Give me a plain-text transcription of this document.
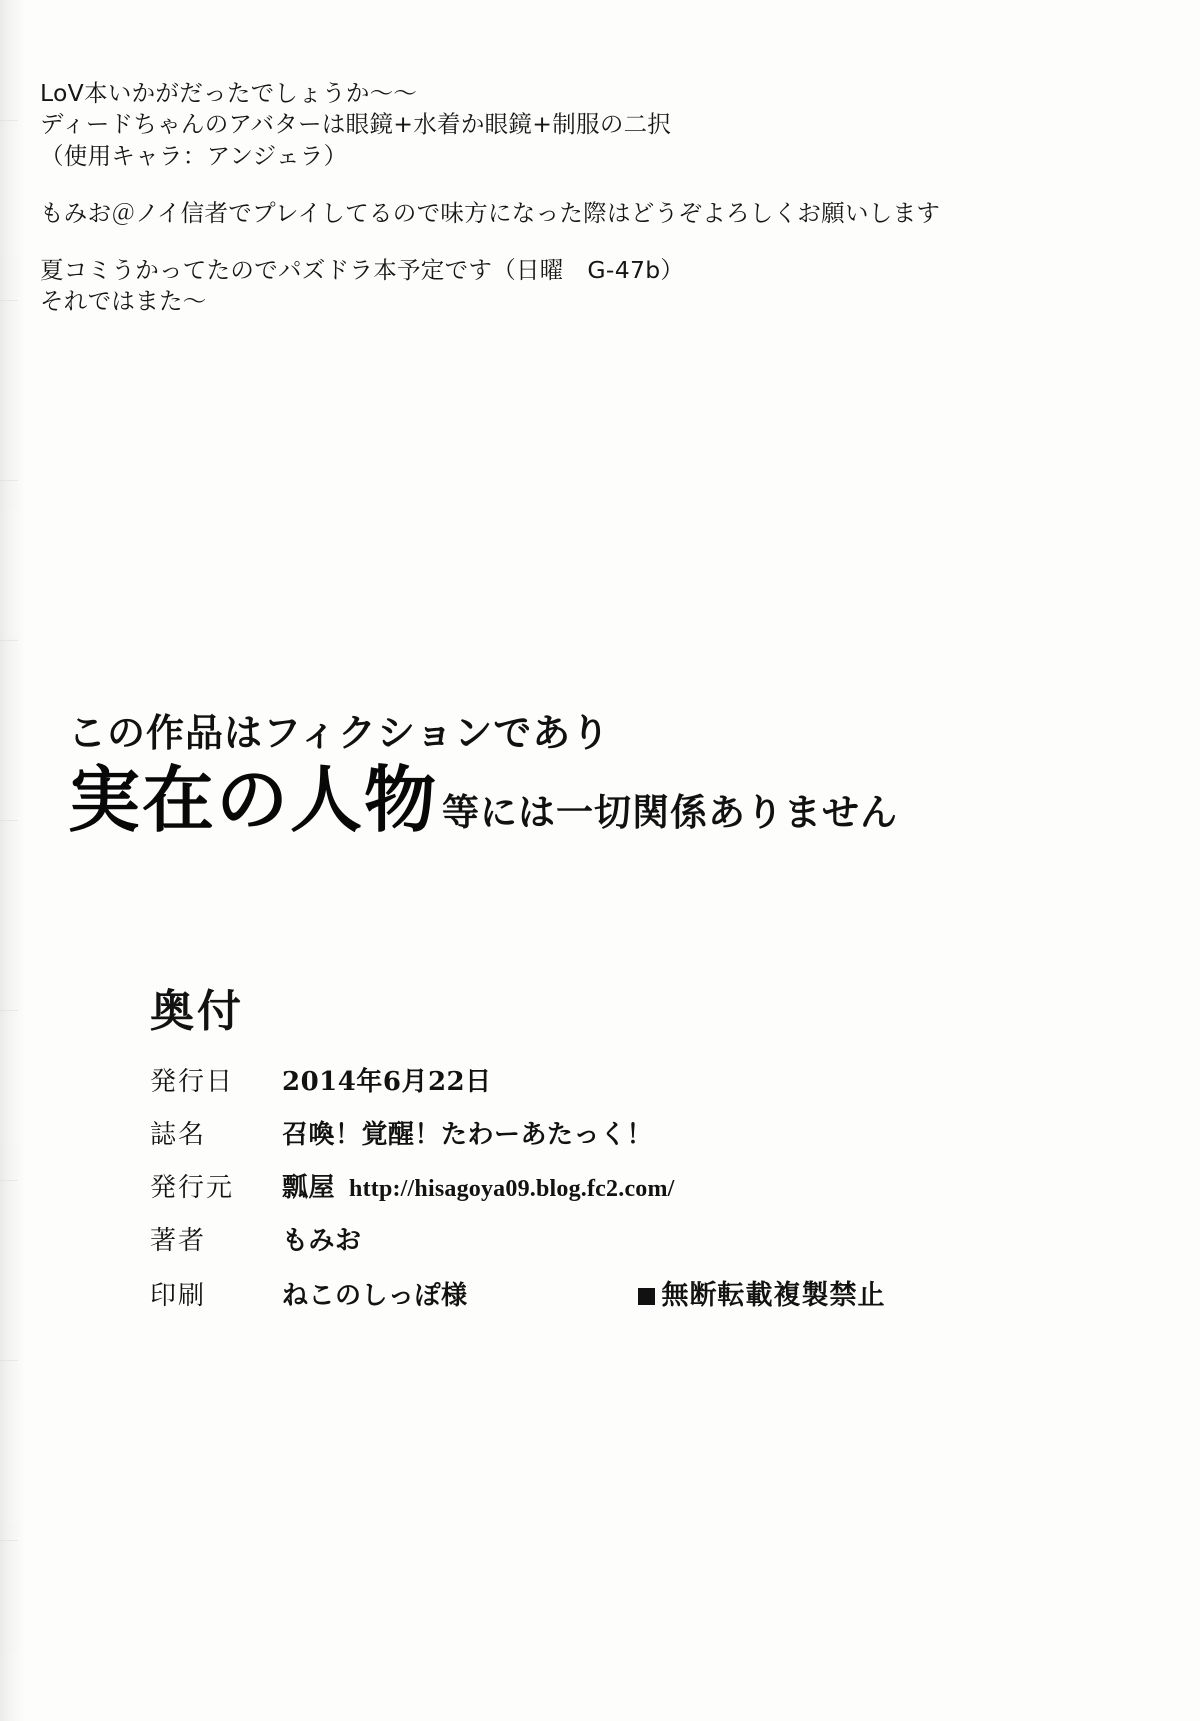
LoV本いかがだったでしょうか～～

ディードちゃんのアバターは眼鏡+水着か眼鏡+制服の二択

（使用キャラ：アンジェラ）

もみお＠ノイ信者でプレイしてるので味方になった際はどうぞよろしくお願いします

夏コミうかってたのでパズドラ本予定です（日曜　G-47b）

それではまた～

この作品はフィクションであり
実在の人物 等には一切関係ありません
奥付
発行日	2014年6月22日
誌名	召喚！覚醒！たわーあたっく！
発行元	瓢屋 http://hisagoya09.blog.fc2.com/
著者	もみお
印刷	ねこのしっぽ様	無断転載複製禁止
